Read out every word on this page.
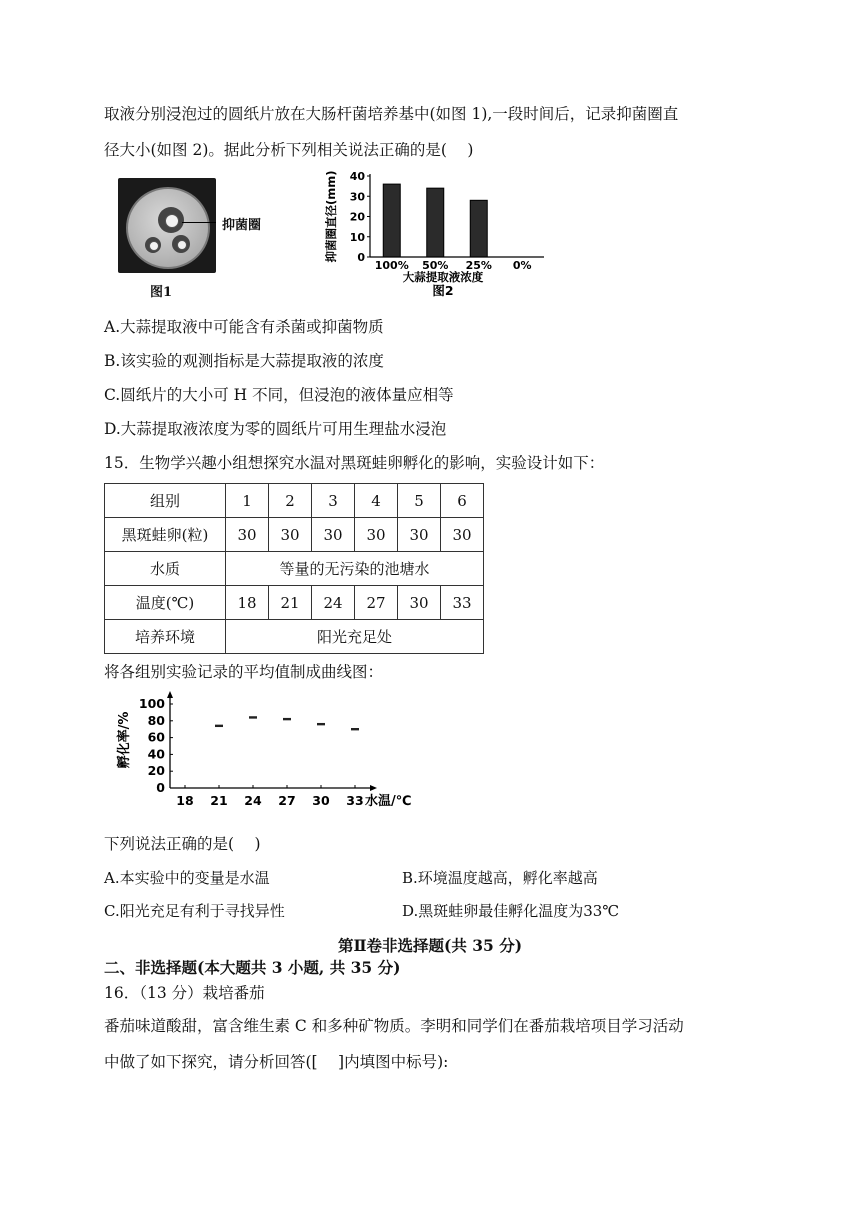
取液分别浸泡过的圆纸片放在大肠杆菌培养基中(如图 1),一段时间后，记录抑菌圈直
径大小(如图 2)。据此分析下列相关说法正确的是(　 )
抑菌圈
图1
0
10
20
30
40
100% 50% 25% 0%
抑菌圈直径(mm)
大蒜提取液浓度
图2
A.大蒜提取液中可能含有杀菌或抑菌物质
B.该实验的观测指标是大蒜提取液的浓度
C.圆纸片的大小可 H 不同，但浸泡的液体量应相等
D.大蒜提取液浓度为零的圆纸片可用生理盐水浸泡
15．生物学兴趣小组想探究水温对黑斑蛙卵孵化的影响，实验设计如下：
组别	1	2	3	4	5	6
黑斑蛙卵(粒)	30	30	30	30	30	30
水质	等量的无污染的池塘水					
温度(℃)	18	21	24	27	30	33
培养环境	阳光充足处					
将各组别实验记录的平均值制成曲线图：
0
20
40
60
80
100
18 21 24 27 30 33
孵化率/%
水温/℃
下列说法正确的是(　 )
A.本实验中的变量是水温	B.环境温度越高，孵化率越高
C.阳光充足有利于寻找异性	D.黑斑蛙卵最佳孵化温度为33℃
第Ⅱ卷非选择题(共 35 分)
二、非选择题(本大题共 3 小题, 共 35 分)
16．（13 分）栽培番茄
番茄味道酸甜，富含维生素 C 和多种矿物质。李明和同学们在番茄栽培项目学习活动
中做了如下探究，请分析回答([　 ]内填图中标号):
